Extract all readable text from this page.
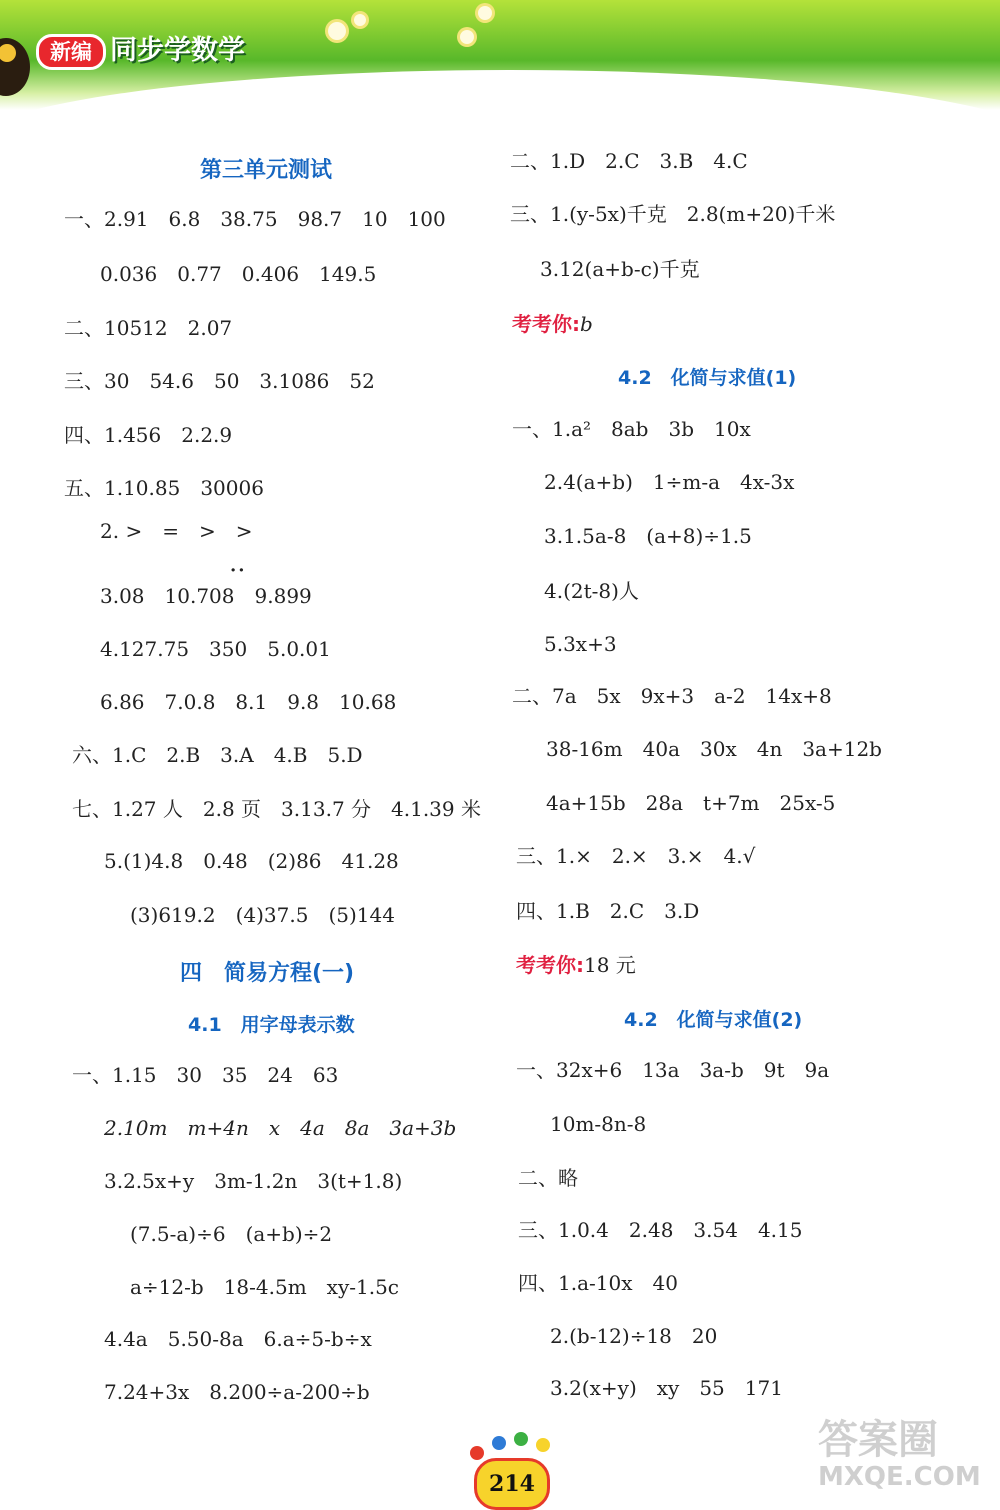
新编 同步学数学
第三单元测试
一、2.91　6.8　38.75　98.7　10　100
0.036　0.77　0.406　149.5
二、10512　2.07
三、30　54.6　50　3.1086　52
四、1.456　2.2.9
五、1.10.85　30006
2. >　=　>　>
··
3.08　10.708　9.899
4.127.75　350　5.0.01
6.86　7.0.8　8.1　9.8　10.68
六、1.C　2.B　3.A　4.B　5.D
七、1.27 人　2.8 页　3.13.7 分　4.1.39 米
5.(1)4.8　0.48　(2)86　41.28
(3)619.2　(4)37.5　(5)144
四　简易方程(一)
4.1　用字母表示数
一、1.15　30　35　24　63
2.10m　m+4n　x　4a　8a　3a+3b
3.2.5x+y　3m-1.2n　3(t+1.8)
(7.5-a)÷6　(a+b)÷2
a÷12-b　18-4.5m　xy-1.5c
4.4a　5.50-8a　6.a÷5-b÷x
7.24+3x　8.200÷a-200÷b
二、1.D　2.C　3.B　4.C
三、1.(y-5x)千克　2.8(m+20)千米
3.12(a+b-c)千克
考考你:b
4.2　化简与求值(1)
一、1.a²　8ab　3b　10x
2.4(a+b)　1÷m-a　4x-3x
3.1.5a-8　(a+8)÷1.5
4.(2t-8)人
5.3x+3
二、7a　5x　9x+3　a-2　14x+8
38-16m　40a　30x　4n　3a+12b
4a+15b　28a　t+7m　25x-5
三、1.×　2.×　3.×　4.√
四、1.B　2.C　3.D
考考你:18 元
4.2　化简与求值(2)
一、32x+6　13a　3a-b　9t　9a
10m-8n-8
二、略
三、1.0.4　2.48　3.54　4.15
四、1.a-10x　40
2.(b-12)÷18　20
3.2(x+y)　xy　55　171
214
答案圈
MXQE.COM
